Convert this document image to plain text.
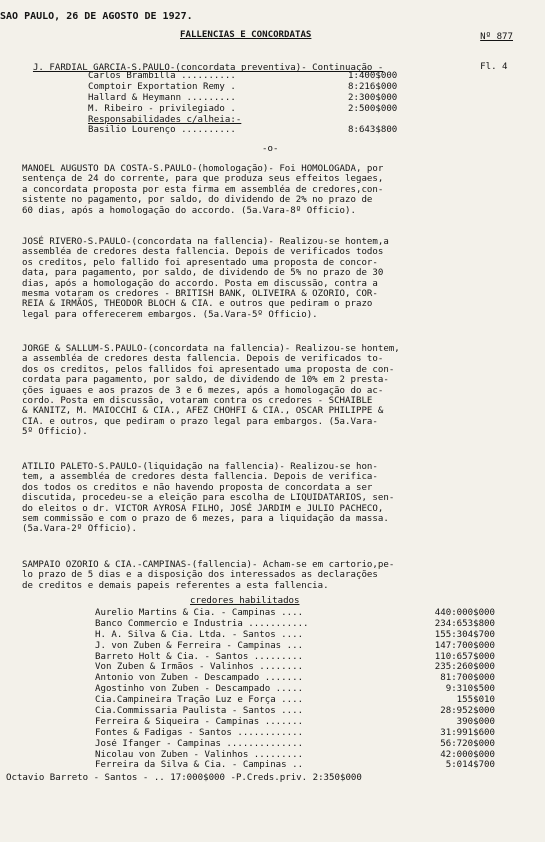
SAO PAULO, 26 DE AGOSTO DE 1927.

Nº 877

Fl. 4

FALLENCIAS E CONCORDATAS

J. FARDIAL GARCIA-S.PAULO-(concordata preventiva)- Continuação -

Carlos Brambilla ..........	1:400$000
Comptoir Exportation Remy .	8:216$000
Hallard & Heymann .........	2:300$000
M. Ribeiro - privilegiado .	2:500$000
Responsabilidades c/alheia:-
Basilio Lourenço ..........	8:643$800
-o-
MANOEL AUGUSTO DA COSTA-S.PAULO-(homologação)- Foi HOMOLOGADA, por
sentença de 24 do corrente, para que produza seus effeitos legaes,
a concordata proposta por esta firma em assembléa de credores,con-
sistente no pagamento, por saldo, do dividendo de 2% no prazo de
60 dias, após a homologação do accordo. (5a.Vara-8º Officio).
JOSÉ RIVERO-S.PAULO-(concordata na fallencia)- Realizou-se hontem,a
assembléa de credores desta fallencia. Depois de verificados todos
os creditos, pelo fallido foi apresentado uma proposta de concor-
data, para pagamento, por saldo, de dividendo de 5% no prazo de 30
dias, após a homologação do accordo. Posta em discussão, contra a
mesma votaram os credores - BRITISH BANK, OLIVEIRA & OZORIO, COR-
REIA & IRMÃOS, THEODOR BLOCH & CIA. e outros que pediram o prazo
legal para offerecerem embargos. (5a.Vara-5º Officio).
JORGE & SALLUM-S.PAULO-(concordata na fallencia)- Realizou-se hontem,
a assembléa de credores desta fallencia. Depois de verificados to-
dos os creditos, pelos fallidos foi apresentado uma proposta de con-
cordata para pagamento, por saldo, de dividendo de 10% em 2 presta-
ções iguaes e aos prazos de 3 e 6 mezes, após a homologação do ac-
cordo. Posta em discussão, votaram contra os credores - SCHAIBLE
& KANITZ, M. MAIOCCHI & CIA., AFEZ CHOHFI & CIA., OSCAR PHILIPPE &
CIA. e outros, que pediram o prazo legal para embargos. (5a.Vara-
5º Officio).
ATILIO PALETO-S.PAULO-(liquidação na fallencia)- Realizou-se hon-
tem, a assembléa de credores desta fallencia. Depois de verifica-
dos todos os creditos e não havendo proposta de concordata a ser
discutida, procedeu-se a eleição para escolha de LIQUIDATARIOS, sen-
do eleitos o dr. VICTOR AYROSA FILHO, JOSÉ JARDIM e JULIO PACHECO,
sem commissão e com o prazo de 6 mezes, para a liquidação da massa.
(5a.Vara-2º Officio).
SAMPAIO OZORIO & CIA.-CAMPINAS-(fallencia)- Acham-se em cartorio,pe-
lo prazo de 5 dias e a disposição dos interessados as declarações
de creditos e demais papeis referentes a esta fallencia.
credores habilitados
Aurelio Martins & Cia. - Campinas ....	440:000$000
Banco Commercio e Industria ...........	234:653$800
H. A. Silva & Cia. Ltda. - Santos ....	155:304$700
J. von Zuben & Ferreira - Campinas ...	147:700$000
Barreto Holt & Cia. - Santos .........	110:657$000
Von Zuben & Irmãos - Valinhos ........	235:260$000
Antonio von Zuben - Descampado .......	81:700$000
Agostinho von Zuben - Descampado .....	9:310$500
Cia.Campineira Tração Luz e Força ....	155$010
Cia.Commissaria Paulista - Santos ....	28:952$000
Ferreira & Siqueira - Campinas .......	390$000
Fontes & Fadigas - Santos ............	31:991$600
José Ifanger - Campinas ..............	56:720$000
Nicolau von Zuben - Valinhos .........	42:000$000
Ferreira da Silva & Cia. - Campinas ..	5:014$700
Octavio Barreto - Santos - .. 17:000$000 -P.Creds.priv. 2:350$000
